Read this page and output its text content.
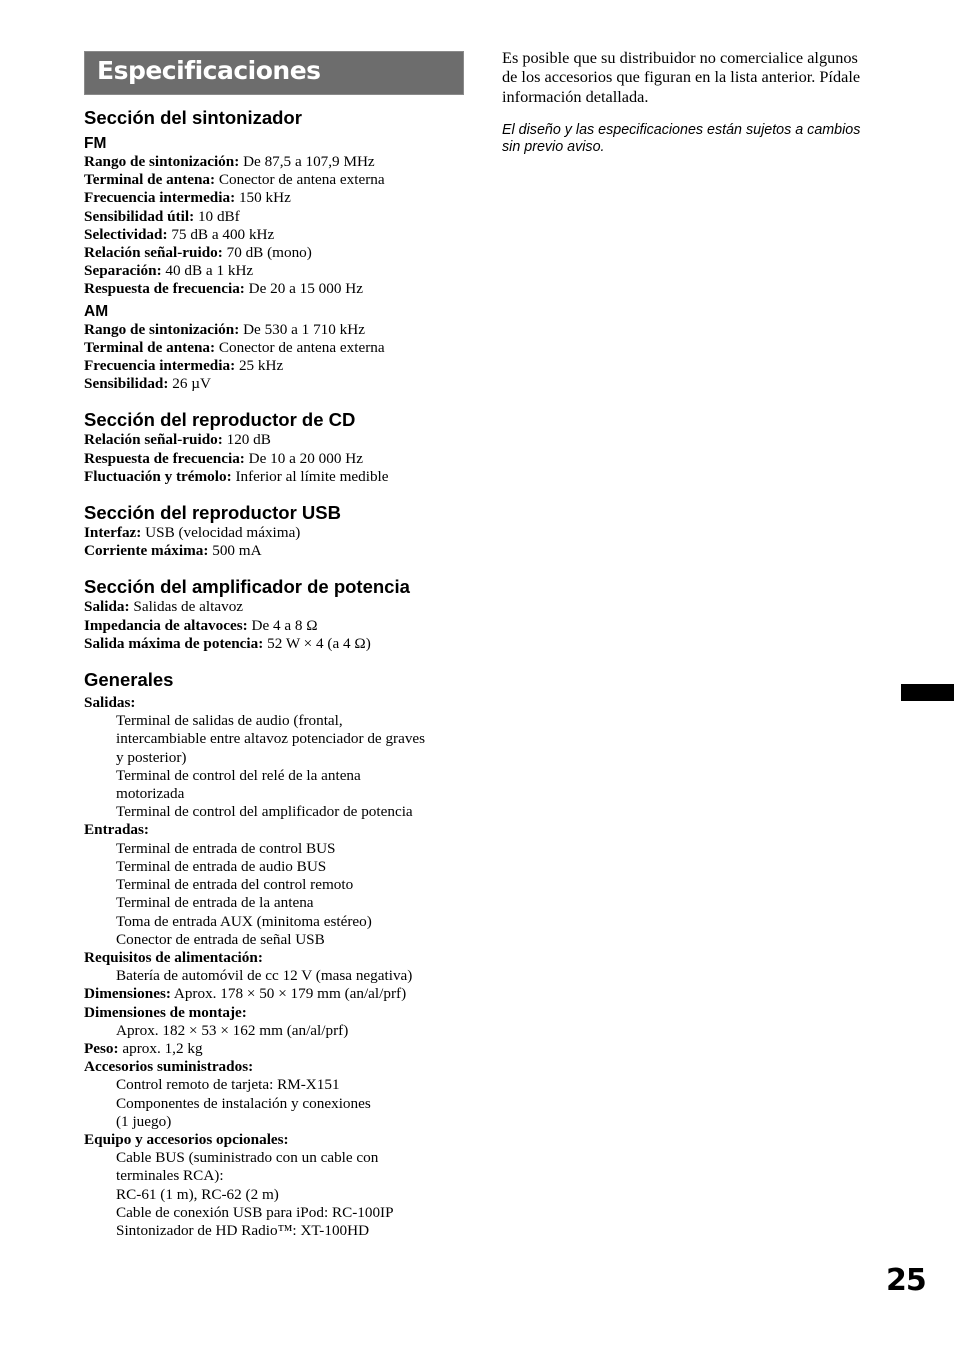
Especificaciones
Sección del sintonizador
FM
Rango de sintonización: De 87,5 a 107,9 MHz
Terminal de antena: Conector de antena externa
Frecuencia intermedia: 150 kHz
Sensibilidad útil: 10 dBf
Selectividad: 75 dB a 400 kHz
Relación señal-ruido: 70 dB (mono)
Separación: 40 dB a 1 kHz
Respuesta de frecuencia: De 20 a 15 000 Hz
AM
Rango de sintonización: De 530 a 1 710 kHz
Terminal de antena: Conector de antena externa
Frecuencia intermedia: 25 kHz
Sensibilidad: 26 µV
Sección del reproductor de CD
Relación señal-ruido: 120 dB
Respuesta de frecuencia: De 10 a 20 000 Hz
Fluctuación y trémolo: Inferior al límite medible
Sección del reproductor USB
Interfaz: USB (velocidad máxima)
Corriente máxima: 500 mA
Sección del amplificador de potencia
Salida: Salidas de altavoz
Impedancia de altavoces: De 4 a 8 Ω
Salida máxima de potencia: 52 W × 4 (a 4 Ω)
Generales
Salidas:
Terminal de salidas de audio (frontal,
intercambiable entre altavoz potenciador de graves
y posterior)
Terminal de control del relé de la antena
motorizada
Terminal de control del amplificador de potencia
Entradas:
Terminal de entrada de control BUS
Terminal de entrada de audio BUS
Terminal de entrada del control remoto
Terminal de entrada de la antena
Toma de entrada AUX (minitoma estéreo)
Conector de entrada de señal USB
Requisitos de alimentación:
Batería de automóvil de cc 12 V (masa negativa)
Dimensiones: Aprox. 178 × 50 × 179 mm (an/al/prf)
Dimensiones de montaje:
Aprox. 182 × 53 × 162 mm (an/al/prf)
Peso: aprox. 1,2 kg
Accesorios suministrados:
Control remoto de tarjeta: RM-X151
Componentes de instalación y conexiones
(1 juego)
Equipo y accesorios opcionales:
Cable BUS (suministrado con un cable con
terminales RCA):
RC-61 (1 m), RC-62 (2 m)
Cable de conexión USB para iPod: RC-100IP
Sintonizador de HD Radio™: XT-100HD
Es posible que su distribuidor no comercialice algunos de los accesorios que figuran en la lista anterior. Pídale información detallada.
El diseño y las especificaciones están sujetos a cambios sin previo aviso.
25
